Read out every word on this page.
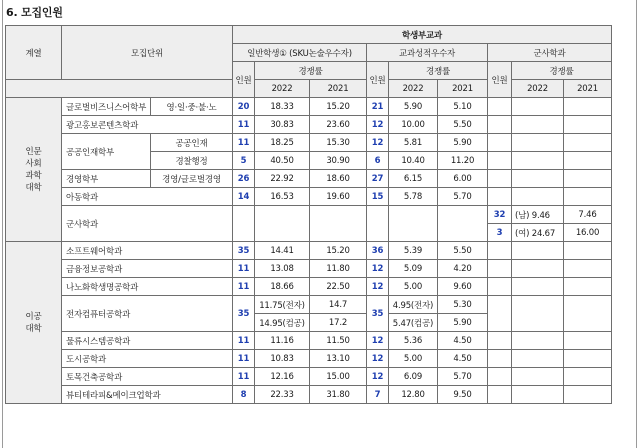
6. 모집인원
계열	모집단위		학생부교과								
			일반학생① (SKU논술우수자)			교과성적우수자			군사학과		
			인원	경쟁률		인원	경쟁률		인원	경쟁률	
				2022	2021		2022	2021		2022	2021
인문
사회
과학
대학	글로벌비즈니스어학부	영·일·중·불·노	20	18.33	15.20	21	5.90	5.10			
	광고홍보콘텐츠학과		11	30.83	23.60	12	10.00	5.50			
	공공인재학부	공공인재	11	18.25	15.30	12	5.81	5.90			
		경찰행정	5	40.50	30.90	6	10.40	11.20			
	경영학부	경영/글로벌경영	26	22.92	18.60	27	6.15	6.00			
	아동학과		14	16.53	19.60	15	5.78	5.70			
	군사학과								32	(남) 9.46	7.46
									3	(여) 24.67	16.00
이공
대학	소프트웨어학과		35	14.41	15.20	36	5.39	5.50			
	금융정보공학과		11	13.08	11.80	12	5.09	4.20			
	나노화학생명공학과		11	18.66	22.50	12	5.00	9.60			
	전자컴퓨터공학과		35	11.75(전자)	14.7	35	4.95(전자)	5.30			
				14.95(컴공)	17.2		5.47(컴공)	5.90			
	물류시스템공학과		11	11.16	11.50	12	5.36	4.50			
	도시공학과		11	10.83	13.10	12	5.00	4.50			
	토목건축공학과		11	12.16	15.00	12	6.09	5.70			
	뷰티테라피&메이크업학과		8	22.33	31.80	7	12.80	9.50			
